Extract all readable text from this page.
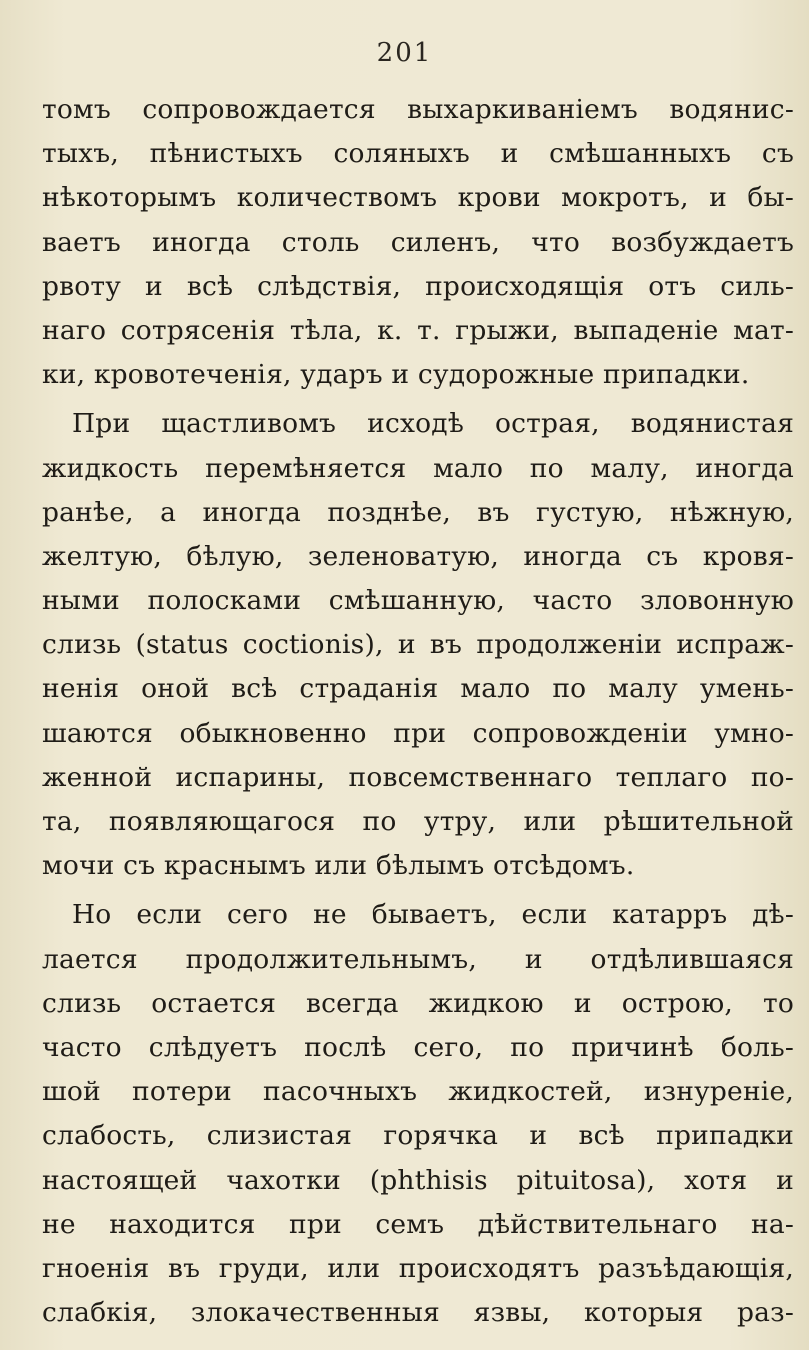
201
томъ сопровождается выхаркиваніемъ водянис-
тыхъ, пѣнистыхъ соляныхъ и смѣшанныхъ съ
нѣкоторымъ количествомъ крови мокротъ, и бы-
ваетъ иногда столь силенъ, что возбуждаетъ
рвоту и всѣ слѣдствія, происходящія отъ силь-
наго сотрясенія тѣла, к. т. грыжи, выпаденіе мат-
ки, кровотеченія, ударъ и судорожные припадки.
При щастливомъ исходѣ острая, водянистая
жидкость перемѣняется мало по малу, иногда
ранѣе, а иногда позднѣе, въ густую, нѣжную,
желтую, бѣлую, зеленоватую, иногда съ кровя-
ными полосками смѣшанную, часто зловонную
слизь (status coctionis), и въ продолженіи испраж-
ненія оной всѣ страданія мало по малу умень-
шаются обыкновенно при сопровожденіи умно-
женной испарины, повсемственнаго теплаго по-
та, появляющагося по утру, или рѣшительной
мочи съ краснымъ или бѣлымъ отсѣдомъ.
Но если сего не бываетъ, если катарръ дѣ-
лается продолжительнымъ, и отдѣлившаяся
слизь остается всегда жидкою и острою, то
часто слѣдуетъ послѣ сего, по причинѣ боль-
шой потери пасочныхъ жидкостей, изнуреніе,
слабость, слизистая горячка и всѣ припадки
настоящей чахотки (phthisis pituitosa), хотя и
не находится при семъ дѣйствительнаго на-
гноенія въ груди, или происходятъ разъѣдающія,
слабкія, злокачественныя язвы, которыя раз-
